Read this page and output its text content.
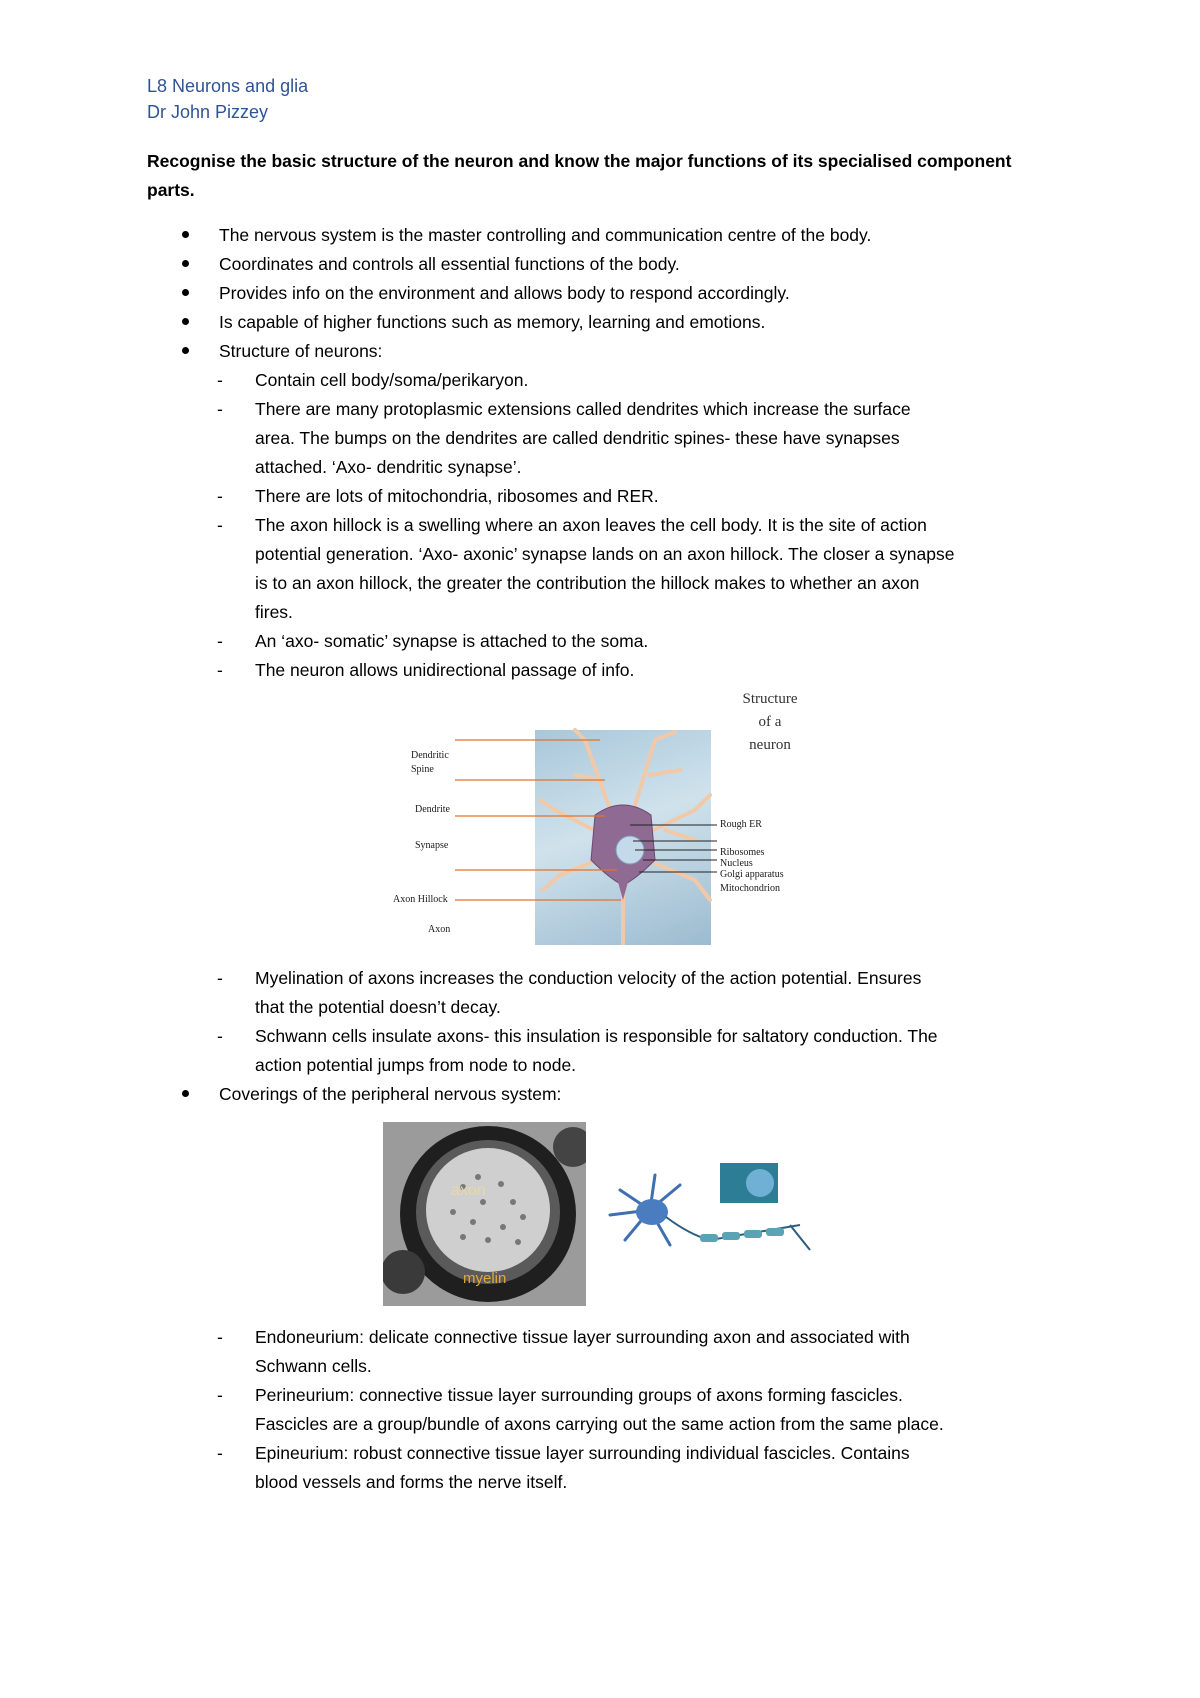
L8 Neurons and glia
Dr John Pizzey
Recognise the basic structure of the neuron and know the major functions of its specialised component parts.
The nervous system is the master controlling and communication centre of the body.
Coordinates and controls all essential functions of the body.
Provides info on the environment and allows body to respond accordingly.
Is capable of higher functions such as memory, learning and emotions.
Structure of neurons:
- Contain cell body/soma/perikaryon.
- There are many protoplasmic extensions called dendrites which increase the surface
area. The bumps on the dendrites are called dendritic spines- these have synapses
attached. ‘Axo- dendritic synapse’.
- There are lots of mitochondria, ribosomes and RER.
- The axon hillock is a swelling where an axon leaves the cell body. It is the site of action
potential generation. ‘Axo- axonic’ synapse lands on an axon hillock. The closer a synapse
is to an axon hillock, the greater the contribution the hillock makes to whether an axon
fires.
- An ‘axo- somatic’ synapse is attached to the soma.
- The neuron allows unidirectional passage of info.
Dendritic
Spine
Dendrite
Synapse
Axon Hillock
Axon
Rough ER
Ribosomes
Nucleus
Golgi apparatus
Mitochondrion
Structure
of a
neuron
- Myelination of axons increases the conduction velocity of the action potential. Ensures
that the potential doesn’t decay.
- Schwann cells insulate axons- this insulation is responsible for saltatory conduction. The
action potential jumps from node to node.
Coverings of the peripheral nervous system:
axon
myelin
- Endoneurium: delicate connective tissue layer surrounding axon and associated with
Schwann cells.
- Perineurium: connective tissue layer surrounding groups of axons forming fascicles.
Fascicles are a group/bundle of axons carrying out the same action from the same place.
- Epineurium: robust connective tissue layer surrounding individual fascicles. Contains
blood vessels and forms the nerve itself.
